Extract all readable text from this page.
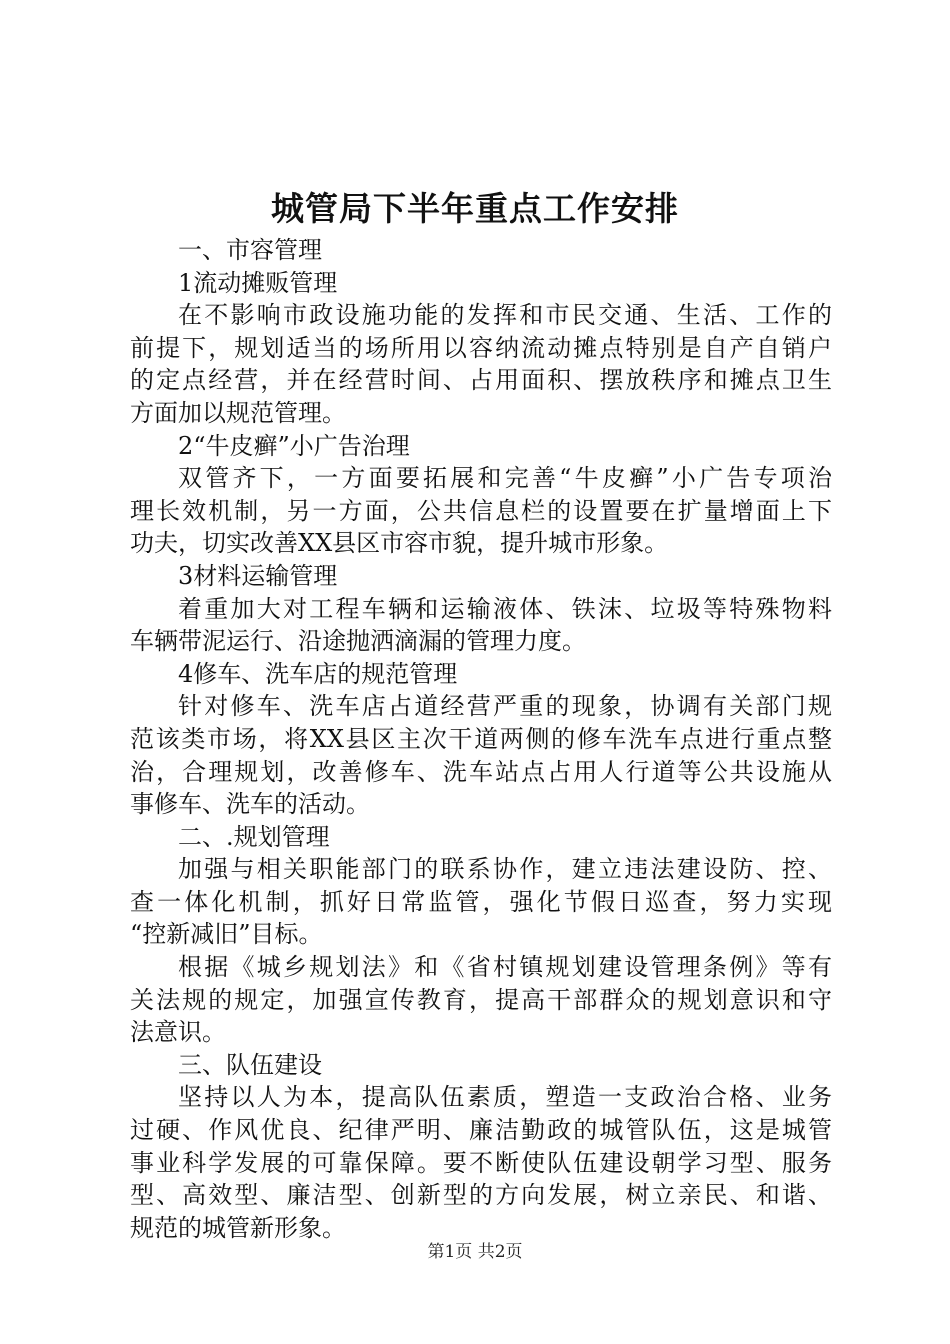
城管局下半年重点工作安排
一、市容管理
1流动摊贩管理
在不影响市政设施功能的发挥和市民交通、生活、工作的
前提下，规划适当的场所用以容纳流动摊点特别是自产自销户
的定点经营，并在经营时间、占用面积、摆放秩序和摊点卫生
方面加以规范管理。
2“牛皮癣”小广告治理
双管齐下，一方面要拓展和完善“牛皮癣”小广告专项治
理长效机制，另一方面，公共信息栏的设置要在扩量增面上下
功夫，切实改善XX县区市容市貌，提升城市形象。
3材料运输管理
着重加大对工程车辆和运输液体、铁沫、垃圾等特殊物料
车辆带泥运行、沿途抛洒滴漏的管理力度。
4修车、洗车店的规范管理
针对修车、洗车店占道经营严重的现象，协调有关部门规
范该类市场，将XX县区主次干道两侧的修车洗车点进行重点整
治，合理规划，改善修车、洗车站点占用人行道等公共设施从
事修车、洗车的活动。
二、.规划管理
加强与相关职能部门的联系协作，建立违法建设防、控、
查一体化机制，抓好日常监管，强化节假日巡查，努力实现
“控新减旧”目标。
根据《城乡规划法》和《省村镇规划建设管理条例》等有
关法规的规定，加强宣传教育，提高干部群众的规划意识和守
法意识。
三、队伍建设
坚持以人为本，提高队伍素质，塑造一支政治合格、业务
过硬、作风优良、纪律严明、廉洁勤政的城管队伍，这是城管
事业科学发展的可靠保障。要不断使队伍建设朝学习型、服务
型、高效型、廉洁型、创新型的方向发展，树立亲民、和谐、
规范的城管新形象。
第1页 共2页
